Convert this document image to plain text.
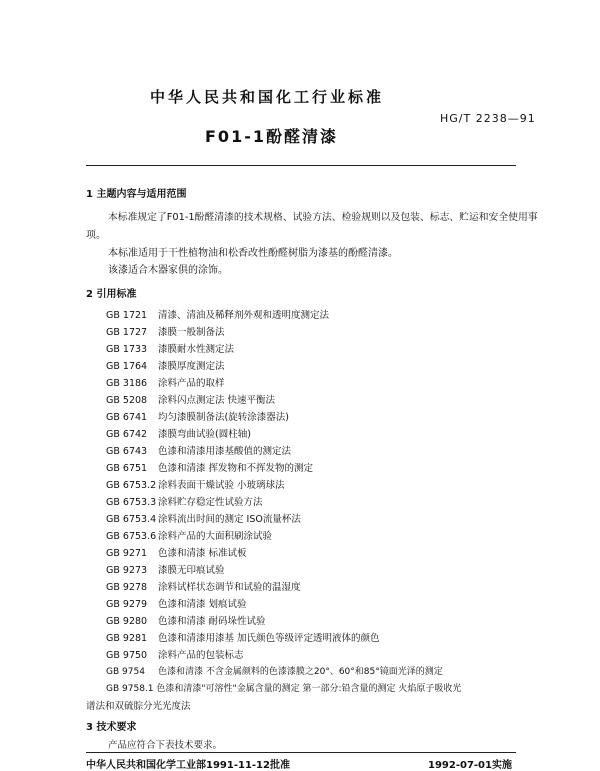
中华人民共和国化工行业标准
HG/T 2238—91
F01-1酚醛清漆
1 主题内容与适用范围
本标准规定了F01-1酚醛清漆的技术规格、试验方法、检验规则以及包装、标志、贮运和安全使用事
项。
本标准适用于干性植物油和松香改性酚醛树脂为漆基的酚醛清漆。
该漆适合木器家俱的涂饰。
2 引用标准
GB 1721 清漆、清油及稀释剂外观和透明度测定法
GB 1727 漆膜一般制备法
GB 1733 漆膜耐水性测定法
GB 1764 漆膜厚度测定法
GB 3186 涂料产品的取样
GB 5208 涂料闪点测定法 快速平衡法
GB 6741 均匀漆膜制备法(旋转涂漆器法)
GB 6742 漆膜弯曲试验(圆柱轴)
GB 6743 色漆和清漆用漆基酸值的测定法
GB 6751 色漆和清漆 挥发物和不挥发物的测定
GB 6753.2 涂料表面干燥试验 小玻璃球法
GB 6753.3 涂料贮存稳定性试验方法
GB 6753.4 涂料流出时间的测定 ISO流量杯法
GB 6753.6 涂料产品的大面积刷涂试验
GB 9271 色漆和清漆 标准试板
GB 9273 漆膜无印痕试验
GB 9278 涂料试样状态调节和试验的温湿度
GB 9279 色漆和清漆 划痕试验
GB 9280 色漆和清漆 耐码垛性试验
GB 9281 色漆和清漆用漆基 加氏颜色等级评定透明液体的颜色
GB 9750 涂料产品的包装标志
GB 9754 色漆和清漆 不含金属颜料的色漆漆膜之20°、60°和85°镜面光泽的测定
GB 9758.1 色漆和清漆"可溶性"金属含量的测定 第一部分:铅含量的测定 火焰原子吸收光
谱法和双硫腙分光光度法
3 技术要求
产品应符合下表技术要求。
中华人民共和国化学工业部1991-11-12批准	1992-07-01实施
